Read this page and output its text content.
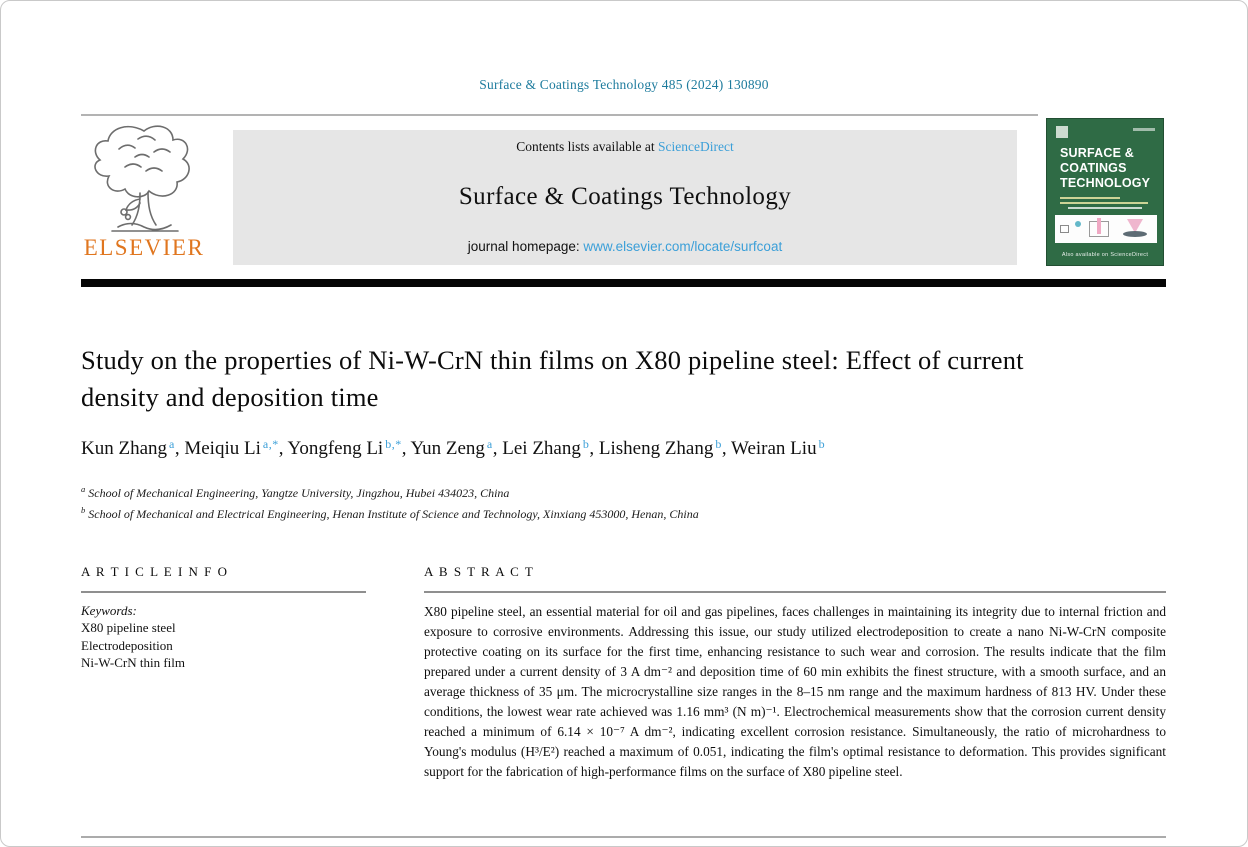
Surface & Coatings Technology 485 (2024) 130890
ELSEVIER
Contents lists available at ScienceDirect
Surface & Coatings Technology
journal homepage: www.elsevier.com/locate/surfcoat
SURFACE &
COATINGS
TECHNOLOGY
Also available on ScienceDirect
Study on the properties of Ni-W-CrN thin films on X80 pipeline steel: Effect of current density and deposition time
Kun Zhang $^a$, Meiqiu Li $^{a,*}$, Yongfeng Li $^{b,*}$, Yun Zeng $^a$, Lei Zhang $^b$, Lisheng Zhang $^b$, Weiran Liu $^b$
$^a$ School of Mechanical Engineering, Yangtze University, Jingzhou, Hubei 434023, China
$^b$ School of Mechanical and Electrical Engineering, Henan Institute of Science and Technology, Xinxiang 453000, Henan, China
A R T I C L E I N F O
Keywords:
X80 pipeline steel
Electrodeposition
Ni-W-CrN thin film
A B S T R A C T
X80 pipeline steel, an essential material for oil and gas pipelines, faces challenges in maintaining its integrity due to internal friction and exposure to corrosive environments. Addressing this issue, our study utilized electrodeposition to create a nano Ni-W-CrN composite protective coating on its surface for the first time, enhancing resistance to such wear and corrosion. The results indicate that the film prepared under a current density of 3 A dm⁻² and deposition time of 60 min exhibits the finest structure, with a smooth surface, and an average thickness of 35 μm. The microcrystalline size ranges in the 8–15 nm range and the maximum hardness of 813 HV. Under these conditions, the lowest wear rate achieved was 1.16 mm³ (N m)⁻¹. Electrochemical measurements show that the corrosion current density reached a minimum of 6.14 × 10⁻⁷ A dm⁻², indicating excellent corrosion resistance. Simultaneously, the ratio of microhardness to Young's modulus (H³/E²) reached a maximum of 0.051, indicating the film's optimal resistance to deformation. This provides significant support for the fabrication of high-performance films on the surface of X80 pipeline steel.
